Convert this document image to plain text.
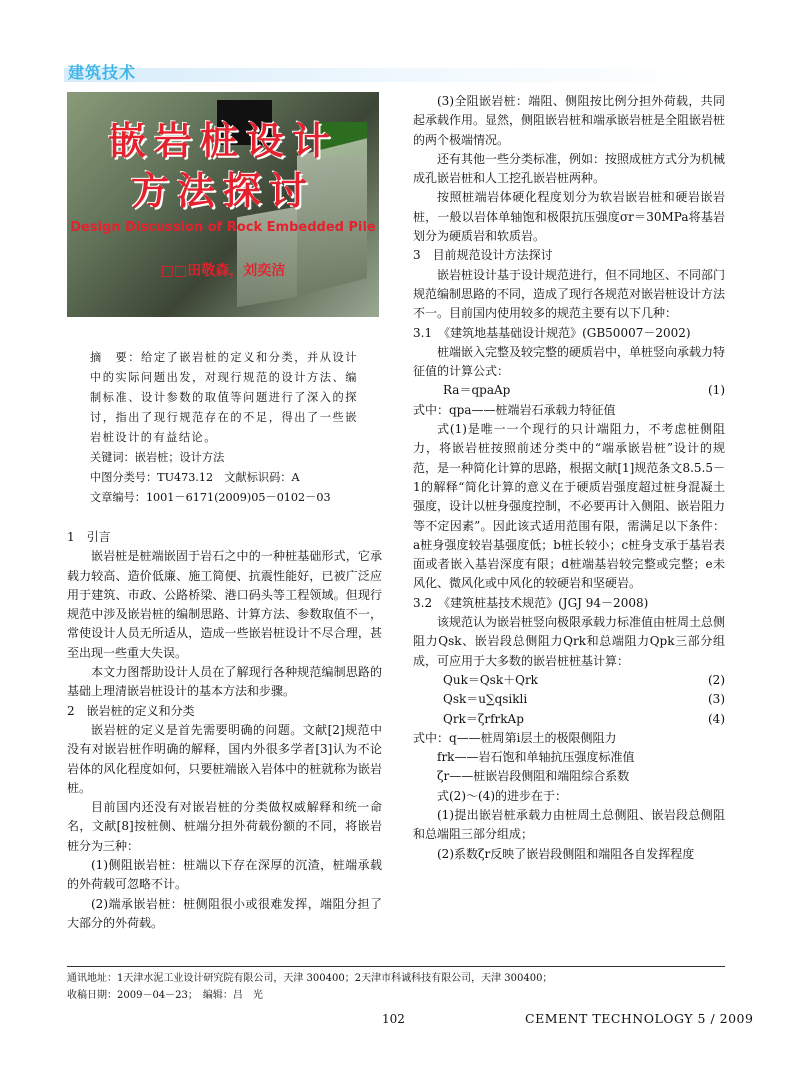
建筑技术
嵌岩桩设计
方法探讨
Design Discussion of Rock Embedded Pile
□□田敬森，刘奕洁

摘　要：给定了嵌岩桩的定义和分类，并从设计中的实际问题出发，对现行规范的设计方法、编制标准、设计参数的取值等问题进行了深入的探讨，指出了现行规范存在的不足，得出了一些嵌岩桩设计的有益结论。

关键词：嵌岩桩；设计方法

中图分类号：TU473.12　文献标识码：A

文章编号：1001－6171(2009)05－0102－03

1　引言

嵌岩桩是桩端嵌固于岩石之中的一种桩基础形式，它承载力较高、造价低廉、施工简便、抗震性能好，已被广泛应用于建筑、市政、公路桥梁、港口码头等工程领域。但现行规范中涉及嵌岩桩的编制思路、计算方法、参数取值不一，常使设计人员无所适从，造成一些嵌岩桩设计不尽合理，甚至出现一些重大失误。

本文力图帮助设计人员在了解现行各种规范编制思路的基础上理清嵌岩桩设计的基本方法和步骤。

2　嵌岩桩的定义和分类

嵌岩桩的定义是首先需要明确的问题。文献[2]规范中没有对嵌岩桩作明确的解释，国内外很多学者[3]认为不论岩体的风化程度如何，只要桩端嵌入岩体中的桩就称为嵌岩桩。

目前国内还没有对嵌岩桩的分类做权威解释和统一命名，文献[8]按桩侧、桩端分担外荷载份额的不同，将嵌岩桩分为三种：

(1)侧阻嵌岩桩：桩端以下存在深厚的沉渣，桩端承载的外荷载可忽略不计。

(2)端承嵌岩桩：桩侧阻很小或很难发挥，端阻分担了大部分的外荷载。

(3)全阻嵌岩桩：端阻、侧阻按比例分担外荷载，共同起承载作用。显然，侧阻嵌岩桩和端承嵌岩桩是全阻嵌岩桩的两个极端情况。

还有其他一些分类标准，例如：按照成桩方式分为机械成孔嵌岩桩和人工挖孔嵌岩桩两种。

按照桩端岩体硬化程度划分为软岩嵌岩桩和硬岩嵌岩桩，一般以岩体单轴饱和极限抗压强度σr＝30MPa将基岩划分为硬质岩和软质岩。

3　目前规范设计方法探讨

嵌岩桩设计基于设计规范进行，但不同地区、不同部门规范编制思路的不同，造成了现行各规范对嵌岩桩设计方法不一。目前国内使用较多的规范主要有以下几种：

3.1　《建筑地基基础设计规范》(GB50007－2002)

桩端嵌入完整及较完整的硬质岩中，单桩竖向承载力特征值的计算公式：

Ra＝qpaAp	(1)

式中：qpa——桩端岩石承载力特征值

式(1)是唯一一个现行的只计端阻力，不考虑桩侧阻力，将嵌岩桩按照前述分类中的“端承嵌岩桩”设计的规范，是一种简化计算的思路，根据文献[1]规范条文8.5.5－1的解释“简化计算的意义在于硬质岩强度超过桩身混凝土强度，设计以桩身强度控制，不必要再计入侧阻、嵌岩阻力等不定因素”。因此该式适用范围有限，需满足以下条件：a桩身强度较岩基强度低；b桩长较小；c桩身支承于基岩表面或者嵌入基岩深度有限；d桩端基岩较完整或完整；e未风化、微风化或中风化的较硬岩和坚硬岩。

3.2　《建筑桩基技术规范》(JGJ 94－2008)

该规范认为嵌岩桩竖向极限承载力标准值由桩周土总侧阻力Qsk、嵌岩段总侧阻力Qrk和总端阻力Qpk三部分组成，可应用于大多数的嵌岩桩桩基计算：

Quk＝Qsk＋Qrk	(2)
Qsk＝u∑qsikli	(3)
Qrk＝ζrfrkAp	(4)

式中：q——桩周第i层土的极限侧阻力

frk——岩石饱和单轴抗压强度标准值

ζr——桩嵌岩段侧阻和端阻综合系数

式(2)～(4)的进步在于：

(1)提出嵌岩桩承载力由桩周土总侧阻、嵌岩段总侧阻和总端阻三部分组成；

(2)系数ζr反映了嵌岩段侧阻和端阻各自发挥程度

通讯地址：1天津水泥工业设计研究院有限公司，天津 300400；2天津市科诚科技有限公司，天津 300400；

收稿日期：2009－04－23；　编辑：吕　光

102	CEMENT TECHNOLOGY 5 / 2009
